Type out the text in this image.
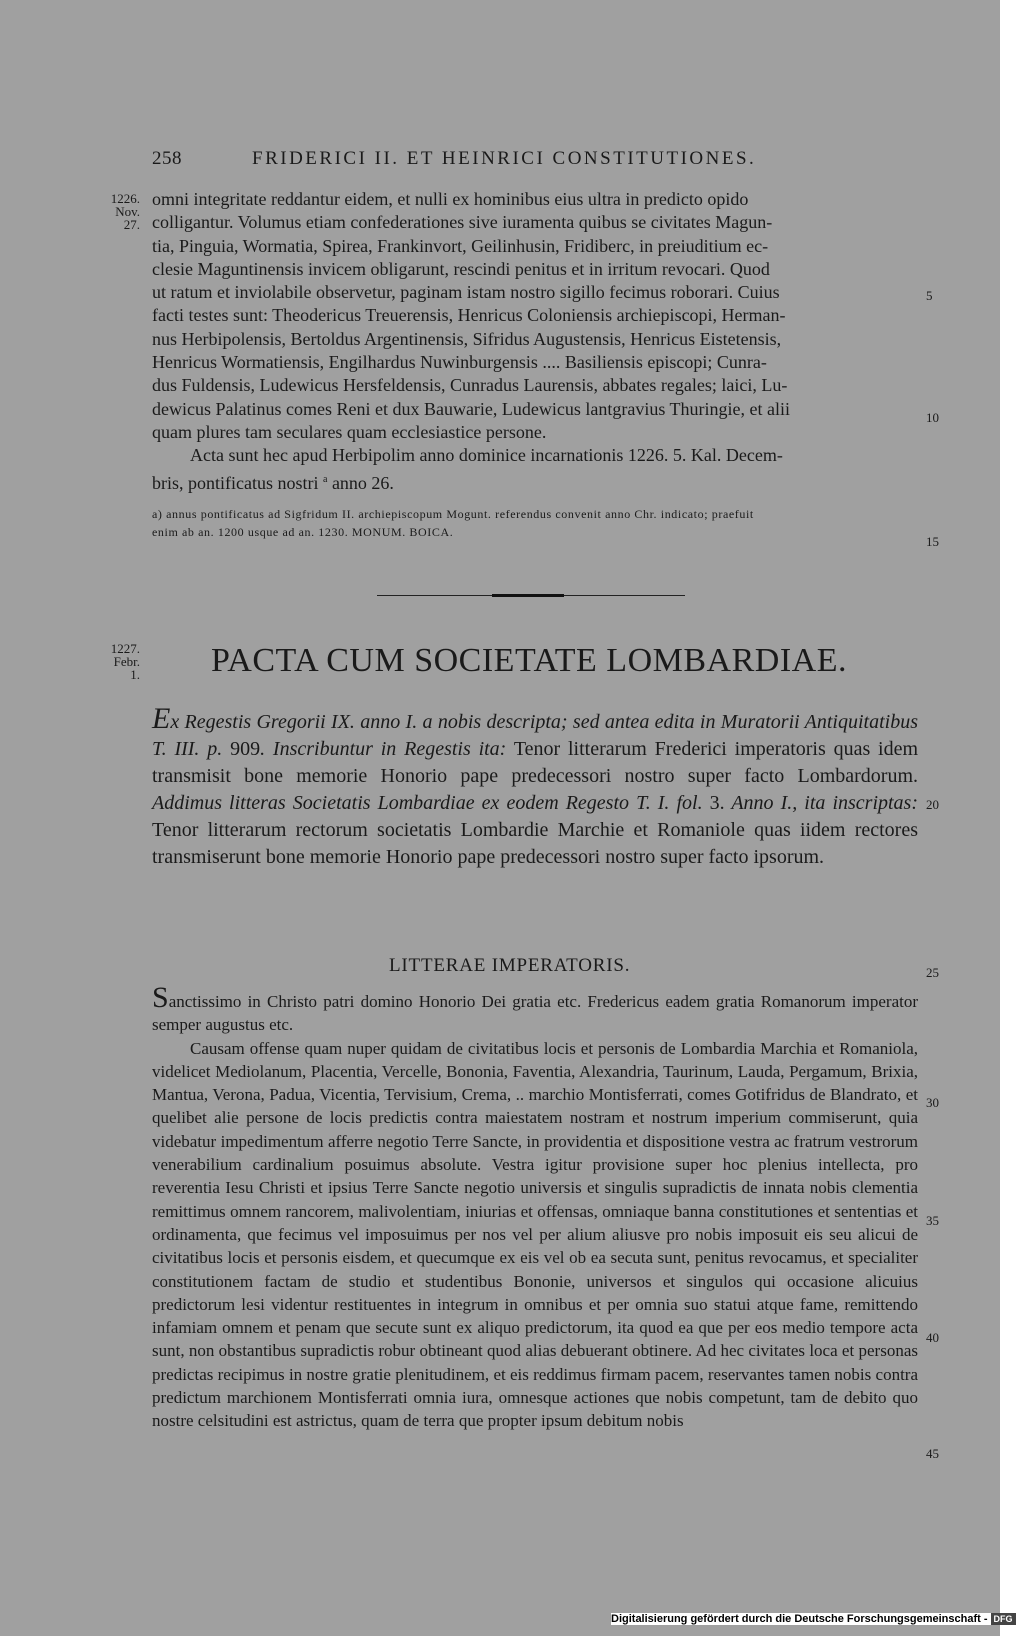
258	FRIDERICI II. ET HEINRICI CONSTITUTIONES.
1226.
Nov.
27.
5
10
15
20
25
30
35
40
45
omni integritate reddantur eidem, et nulli ex hominibus eius ultra in predicto opido
colligantur. Volumus etiam confederationes sive iuramenta quibus se civitates Magun-
tia, Pinguia, Wormatia, Spirea, Frankinvort, Geilinhusin, Fridiberc, in preiuditium ec-
clesie Maguntinensis invicem obligarunt, rescindi penitus et in irritum revocari. Quod
ut ratum et inviolabile observetur, paginam istam nostro sigillo fecimus roborari. Cuius
facti testes sunt: Theodericus Treuerensis, Henricus Coloniensis archiepiscopi, Herman-
nus Herbipolensis, Bertoldus Argentinensis, Sifridus Augustensis, Henricus Eistetensis,
Henricus Wormatiensis, Engilhardus Nuwinburgensis .... Basiliensis episcopi; Cunra-
dus Fuldensis, Ludewicus Hersfeldensis, Cunradus Laurensis, abbates regales; laici, Lu-
dewicus Palatinus comes Reni et dux Bauwarie, Ludewicus lantgravius Thuringie, et alii
quam plures tam seculares quam ecclesiastice persone.
Acta sunt hec apud Herbipolim anno dominice incarnationis 1226. 5. Kal. Decem-
bris, pontificatus nostri $^a$ anno 26.
a) annus pontificatus ad Sigfridum II. archiepiscopum Mogunt. referendus convenit anno Chr. indicato; praefuit
enim ab an. 1200 usque ad an. 1230. MONUM. BOICA.
1227.
Febr.
1. PACTA CUM SOCIETATE LOMBARDIAE.
Ex Regestis Gregorii IX. anno I. a nobis descripta; sed antea edita in Muratorii Antiquitatibus T. III. p. 909. Inscribuntur in Regestis ita: Tenor litterarum Frederici imperatoris quas idem transmisit bone memorie Honorio pape predecessori nostro super facto Lombardorum. Addimus litteras Societatis Lombardiae ex eodem Regesto T. I. fol. 3. Anno I., ita inscriptas: Tenor litterarum rectorum societatis Lombardie Marchie et Romaniole quas iidem rectores transmiserunt bone memorie Honorio pape predecessori nostro super facto ipsorum.
LITTERAE IMPERATORIS.

Sanctissimo in Christo patri domino Honorio Dei gratia etc. Fredericus eadem gratia Romanorum imperator semper augustus etc.

Causam offense quam nuper quidam de civitatibus locis et personis de Lombardia Marchia et Romaniola, videlicet Mediolanum, Placentia, Vercelle, Bononia, Faventia, Alexandria, Taurinum, Lauda, Pergamum, Brixia, Mantua, Verona, Padua, Vicentia, Tervisium, Crema, .. marchio Montisferrati, comes Gotifridus de Blandrato, et quelibet alie persone de locis predictis contra maiestatem nostram et nostrum imperium commiserunt, quia videbatur impedimentum afferre negotio Terre Sancte, in providentia et dispositione vestra ac fratrum vestrorum venerabilium cardinalium posuimus absolute. Vestra igitur provisione super hoc plenius intellecta, pro reverentia Iesu Christi et ipsius Terre Sancte negotio universis et singulis supradictis de innata nobis clementia remittimus omnem rancorem, malivolentiam, iniurias et offensas, omniaque banna constitutiones et sententias et ordinamenta, que fecimus vel imposuimus per nos vel per alium aliusve pro nobis imposuit eis seu alicui de civitatibus locis et personis eisdem, et quecumque ex eis vel ob ea secuta sunt, penitus revocamus, et specialiter constitutionem factam de studio et studentibus Bononie, universos et singulos qui occasione alicuius predictorum lesi videntur restituentes in integrum in omnibus et per omnia suo statui atque fame, remittendo infamiam omnem et penam que secute sunt ex aliquo predictorum, ita quod ea que per eos medio tempore acta sunt, non obstantibus supradictis robur obtineant quod alias debuerant obtinere. Ad hec civitates loca et personas predictas recipimus in nostre gratie plenitudinem, et eis reddimus firmam pacem, reservantes tamen nobis contra predictum marchionem Montisferrati omnia iura, omnesque actiones que nobis competunt, tam de debito quo nostre celsitudini est astrictus, quam de terra que propter ipsum debitum nobis

Digitalisierung gefördert durch die Deutsche Forschungsgemeinschaft - DFG
